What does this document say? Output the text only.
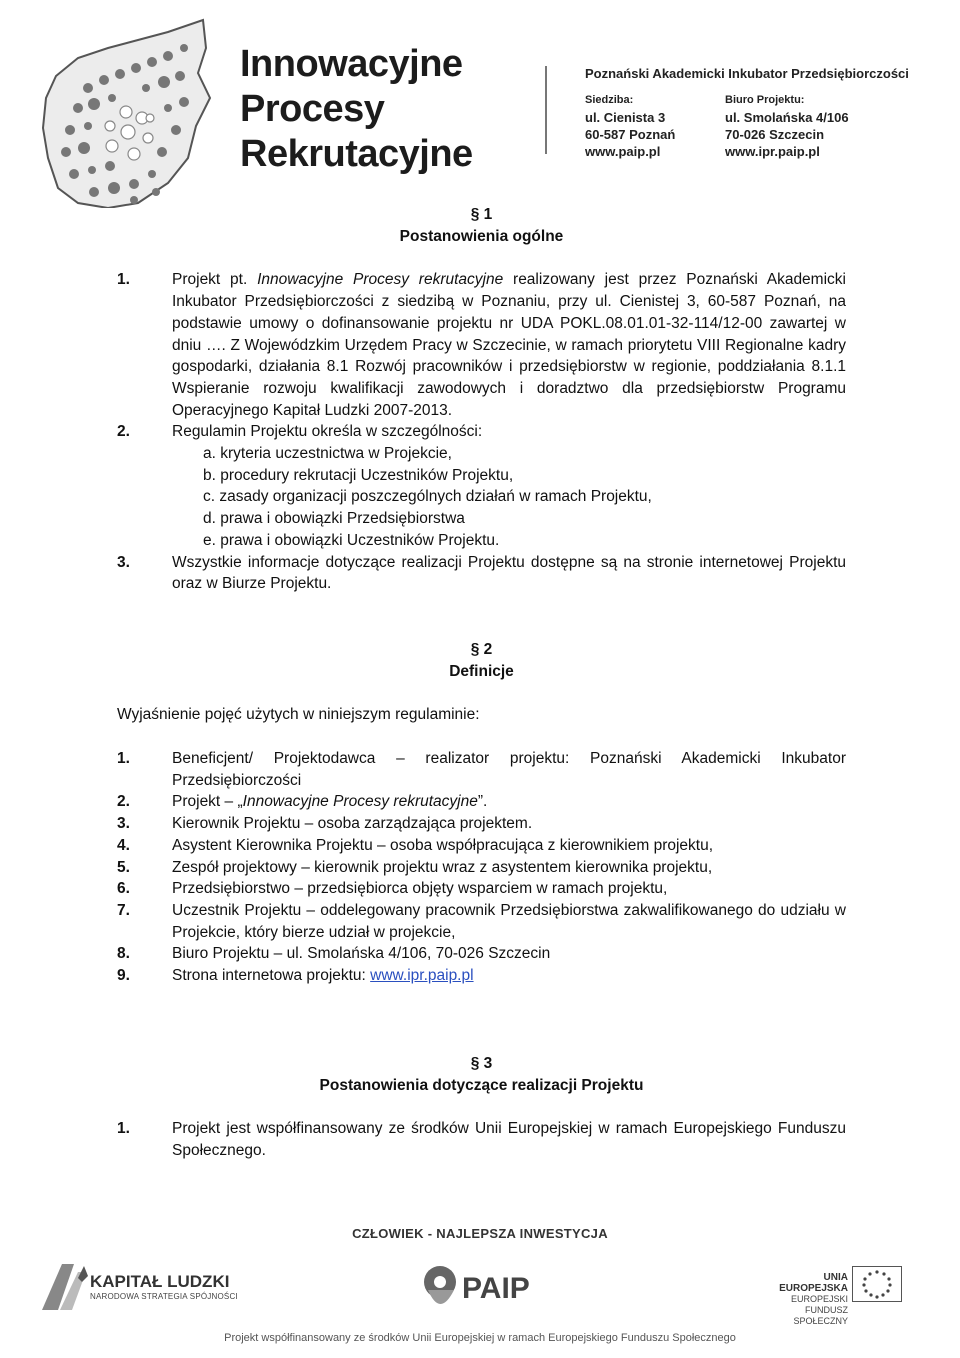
Innowacyjne
Procesy
Rekrutacyjne
Poznański Akademicki Inkubator Przedsiębiorczości
Siedziba:
ul. Cienista 3
60-587 Poznań
www.paip.pl
Biuro Projektu:
ul. Smolańska 4/106
70-026 Szczecin
www.ipr.paip.pl
§ 1
Postanowienia ogólne
1.	Projekt pt. Innowacyjne Procesy rekrutacyjne realizowany jest przez Poznański Akademicki Inkubator Przedsiębiorczości z siedzibą w Poznaniu, przy ul. Cienistej 3, 60-587 Poznań, na podstawie umowy o dofinansowanie projektu nr UDA POKL.08.01.01-32-114/12-00 zawartej w dniu …. Z Wojewódzkim Urzędem Pracy w Szczecinie, w ramach priorytetu VIII Regionalne kadry gospodarki, działania 8.1 Rozwój pracowników i przedsiębiorstw w regionie, poddziałania 8.1.1 Wspieranie rozwoju kwalifikacji zawodowych i doradztwo dla przedsiębiorstw Programu Operacyjnego Kapitał Ludzki 2007-2013.
2.	Regulamin Projektu określa w szczególności:
a. kryteria uczestnictwa w Projekcie,
b. procedury rekrutacji Uczestników Projektu,
c. zasady organizacji poszczególnych działań w ramach Projektu,
d. prawa i obowiązki Przedsiębiorstwa
e. prawa i obowiązki Uczestników Projektu.
3.	Wszystkie informacje dotyczące realizacji Projektu dostępne są na stronie internetowej Projektu oraz w Biurze Projektu.
§ 2
Definicje
Wyjaśnienie pojęć użytych w niniejszym regulaminie:
1.	Beneficjent/ Projektodawca – realizator projektu: Poznański Akademicki Inkubator Przedsiębiorczości
2.	Projekt – „Innowacyjne Procesy rekrutacyjne”.
3.	Kierownik Projektu – osoba zarządzająca projektem.
4.	Asystent Kierownika Projektu – osoba współpracująca z kierownikiem projektu,
5.	Zespół projektowy – kierownik projektu wraz z asystentem kierownika projektu,
6.	Przedsiębiorstwo – przedsiębiorca objęty wsparciem w ramach projektu,
7.	Uczestnik Projektu – oddelegowany pracownik Przedsiębiorstwa zakwalifikowanego do udziału w Projekcie, który bierze udział w projekcie,
8.	Biuro Projektu – ul. Smolańska 4/106, 70-026 Szczecin
9.	Strona internetowa projektu: www.ipr.paip.pl
§ 3
Postanowienia dotyczące realizacji Projektu
1.	Projekt jest współfinansowany ze środków Unii Europejskiej w ramach Europejskiego Funduszu Społecznego.
CZŁOWIEK - NAJLEPSZA INWESTYCJA
KAPITAŁ LUDZKI
NARODOWA STRATEGIA SPÓJNOŚCI	PAIP	UNIA EUROPEJSKA
EUROPEJSKI
FUNDUSZ SPOŁECZNY
Projekt współfinansowany ze środków Unii Europejskiej w ramach Europejskiego Funduszu Społecznego
